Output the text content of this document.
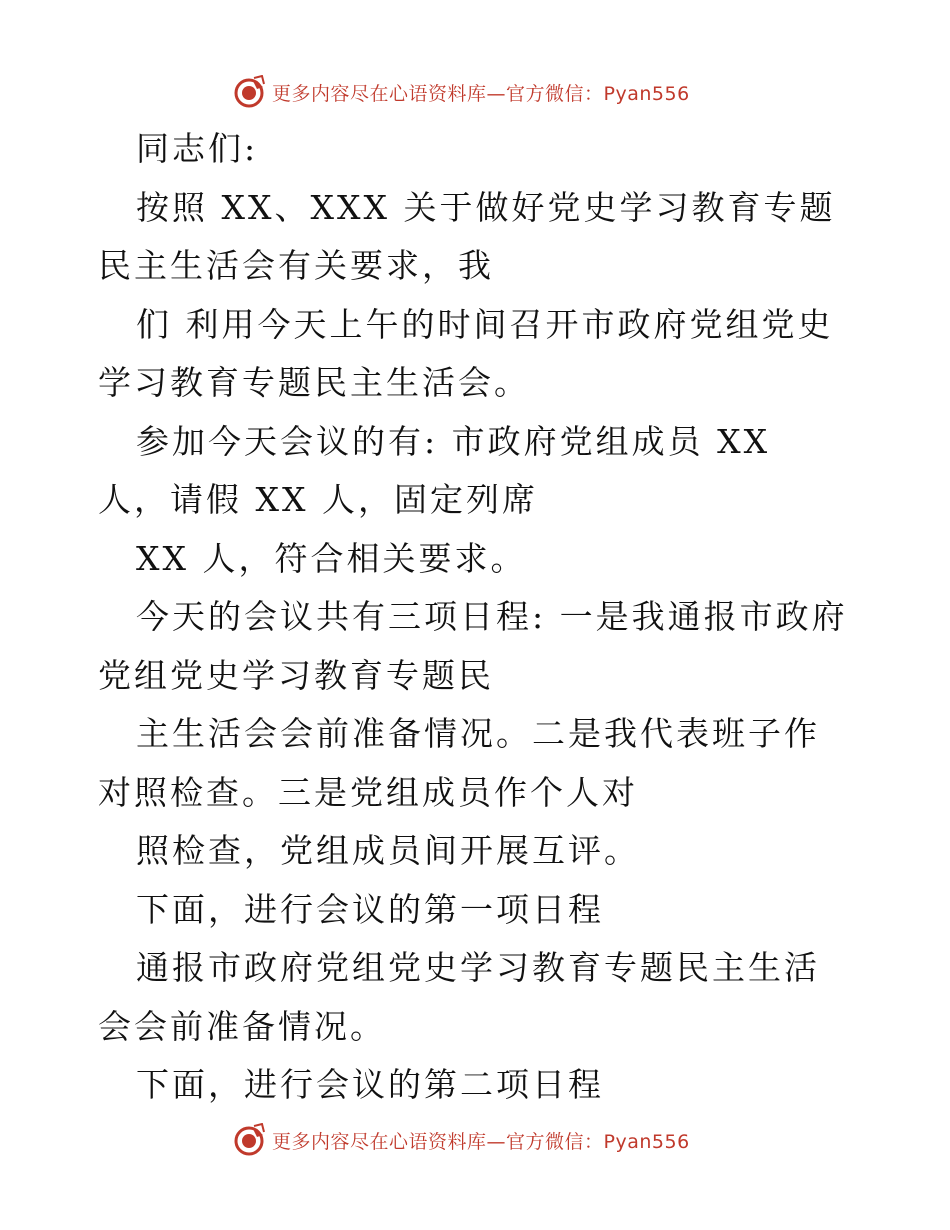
更多内容尽在心语资料库—官方微信：Pyan556

同志们:

按照 XX、XXX 关于做好党史学习教育专题民主生活会有关要求，我

们 利用今天上午的时间召开市政府党组党史学习教育专题民主生活会。

参加今天会议的有: 市政府党组成员 XX 人，请假 XX 人，固定列席

XX 人，符合相关要求。

今天的会议共有三项日程: 一是我通报市政府党组党史学习教育专题民

主生活会会前准备情况。二是我代表班子作对照检查。三是党组成员作个人对

照检查，党组成员间开展互评。

下面，进行会议的第一项日程

通报市政府党组党史学习教育专题民主生活会会前准备情况。

下面，进行会议的第二项日程

更多内容尽在心语资料库—官方微信：Pyan556
